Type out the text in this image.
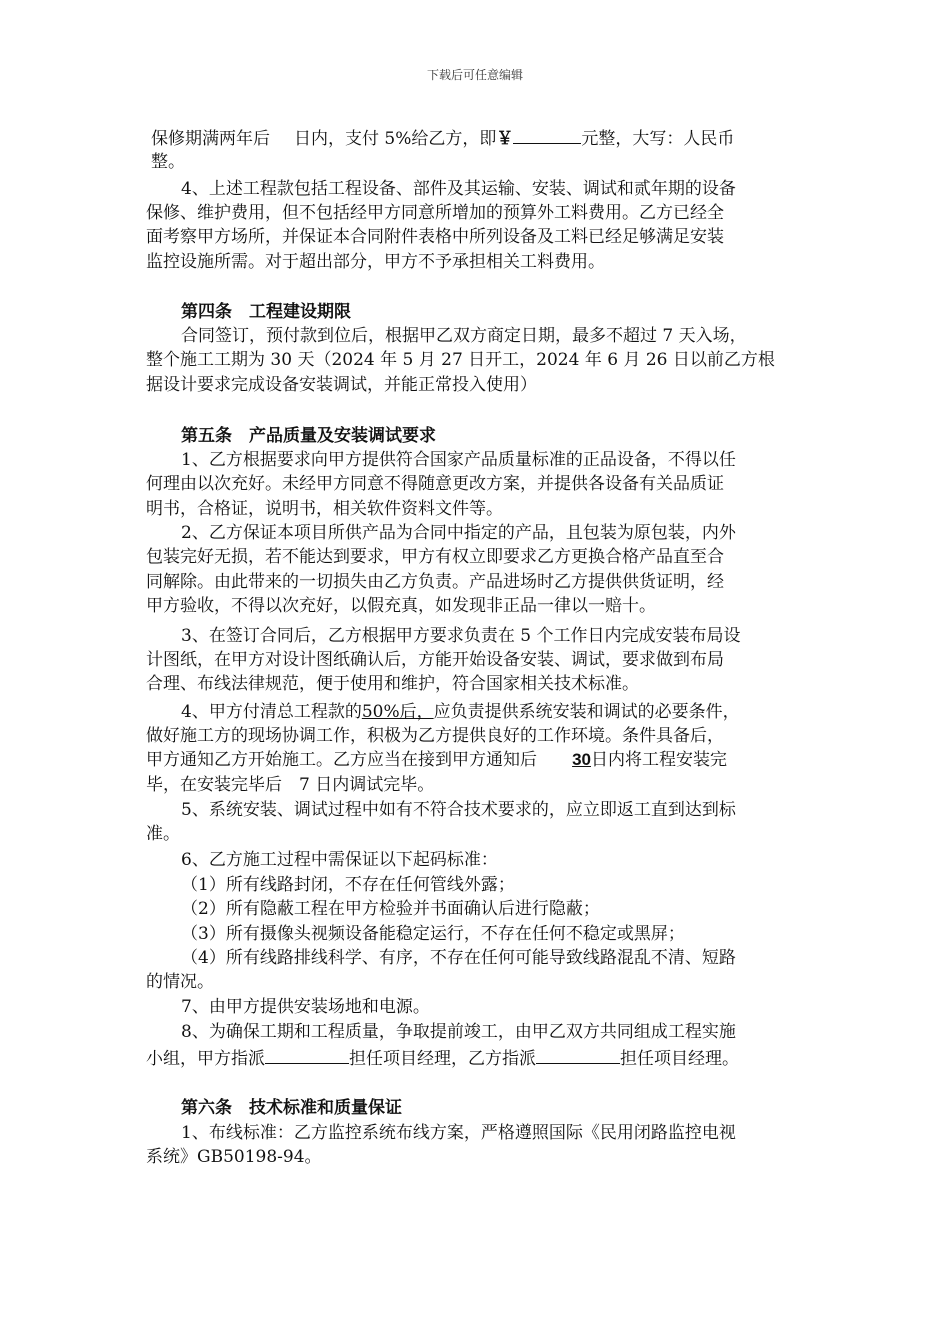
下载后可任意编辑
保修期满两年后 日内，支付 5%给乙方，即￥	元整，大写：人民币
整。
4、上述工程款包括工程设备、部件及其运输、安装、调试和贰年期的设备
保修、维护费用，但不包括经甲方同意所增加的预算外工料费用。乙方已经全
面考察甲方场所，并保证本合同附件表格中所列设备及工料已经足够满足安装
监控设施所需。对于超出部分，甲方不予承担相关工料费用。
第四条　工程建设期限
合同签订，预付款到位后，根据甲乙双方商定日期，最多不超过 7 天入场，
整个施工工期为 30 天（2024 年 5 月 27 日开工，2024 年 6 月 26 日以前乙方根
据设计要求完成设备安装调试，并能正常投入使用）
第五条　产品质量及安装调试要求
1、乙方根据要求向甲方提供符合国家产品质量标准的正品设备，不得以任
何理由以次充好。未经甲方同意不得随意更改方案，并提供各设备有关品质证
明书，合格证，说明书，相关软件资料文件等。
2、乙方保证本项目所供产品为合同中指定的产品，且包装为原包装，内外
包装完好无损，若不能达到要求，甲方有权立即要求乙方更换合格产品直至合
同解除。由此带来的一切损失由乙方负责。产品进场时乙方提供供货证明，经
甲方验收，不得以次充好，以假充真，如发现非正品一律以一赔十。
3、在签订合同后，乙方根据甲方要求负责在 5 个工作日内完成安装布局设
计图纸，在甲方对设计图纸确认后，方能开始设备安装、调试，要求做到布局
合理、布线法律规范，便于使用和维护，符合国家相关技术标准。
4、甲方付清总工程款的50%后，应负责提供系统安装和调试的必要条件，
做好施工方的现场协调工作，积极为乙方提供良好的工作环境。条件具备后，
甲方通知乙方开始施工。乙方应当在接到甲方通知后 30日内将工程安装完
毕，在安装完毕后　7 日内调试完毕。
5、系统安装、调试过程中如有不符合技术要求的，应立即返工直到达到标
准。
6、乙方施工过程中需保证以下起码标准：
（1）所有线路封闭，不存在任何管线外露；
（2）所有隐蔽工程在甲方检验并书面确认后进行隐蔽；
（3）所有摄像头视频设备能稳定运行，不存在任何不稳定或黑屏；
（4）所有线路排线科学、有序，不存在任何可能导致线路混乱不清、短路
的情况。
7、由甲方提供安装场地和电源。
8、为确保工期和工程质量，争取提前竣工，由甲乙双方共同组成工程实施
小组，甲方指派	担任项目经理，乙方指派	担任项目经理。
第六条　技术标准和质量保证
1、布线标准：乙方监控系统布线方案，严格遵照国际《民用闭路监控电视
系统》GB50198-94。
